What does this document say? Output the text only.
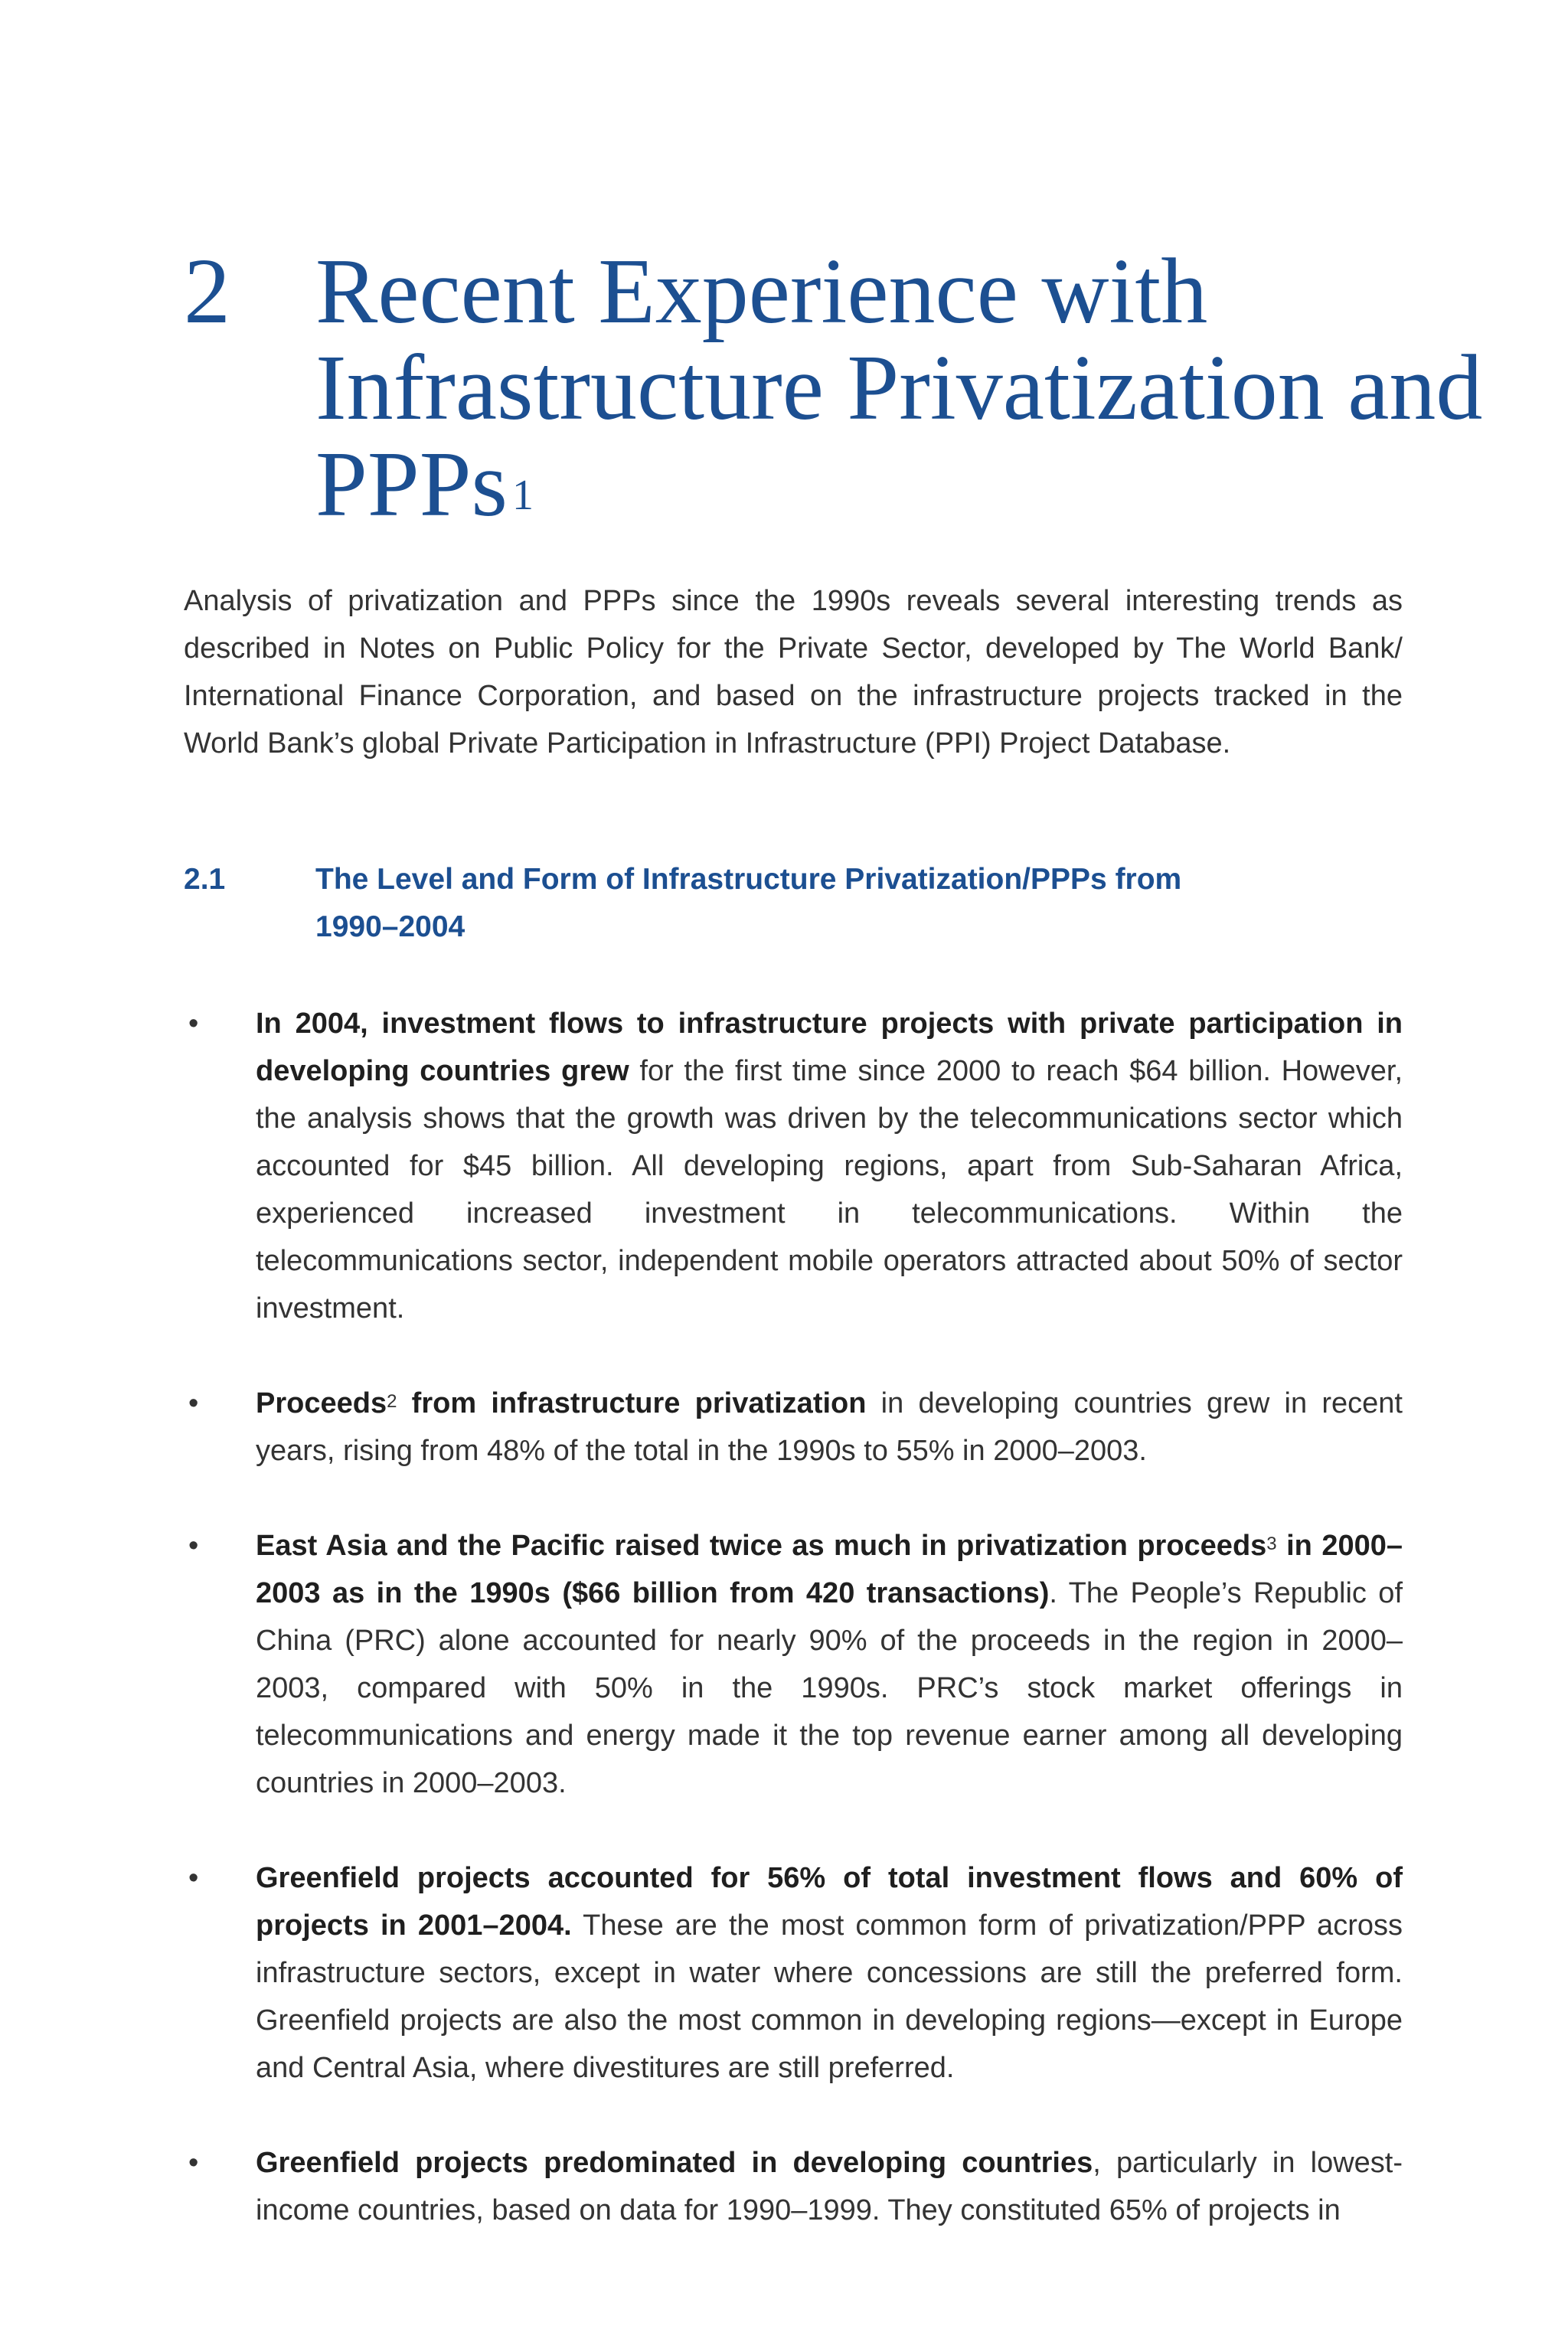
2 Recent Experience with Infrastructure Privatization and PPPs $^1$

Analysis of privatization and PPPs since the 1990s reveals several interesting trends as described in Notes on Public Policy for the Private Sector, developed by The World Bank/ International Finance Corporation, and based on the infrastructure projects tracked in the World Bank’s global Private Participation in Infrastructure (PPI) Project Database.

2.1	The Level and Form of Infrastructure Privatization/PPPs from 1990–2004
•	In 2004, investment flows to infrastructure projects with private participation in developing countries grew for the first time since 2000 to reach $64 billion. However, the analysis shows that the growth was driven by the telecommunications sector which accounted for $45 billion. All developing regions, apart from Sub-Saharan Africa, experienced increased investment in telecommunications. Within the telecommunications sector, independent mobile operators attracted about 50% of sector investment.
•	Proceeds$^2$ from infrastructure privatization in developing countries grew in recent years, rising from 48% of the total in the 1990s to 55% in 2000–2003.
•	East Asia and the Pacific raised twice as much in privatization proceeds$^3$ in 2000–2003 as in the 1990s ($66 billion from 420 transactions). The People’s Republic of China (PRC) alone accounted for nearly 90% of the proceeds in the region in 2000–2003, compared with 50% in the 1990s. PRC’s stock market offerings in telecommunications and energy made it the top revenue earner among all developing countries in 2000–2003.
•	Greenfield projects accounted for 56% of total investment flows and 60% of projects in 2001–2004. These are the most common form of privatization/PPP across infrastructure sectors, except in water where concessions are still the preferred form. Greenfield projects are also the most common in developing regions—except in Europe and Central Asia, where divestitures are still preferred.
•	Greenfield projects predominated in developing countries, particularly in lowest-income countries, based on data for 1990–1999. They constituted 65% of projects in
